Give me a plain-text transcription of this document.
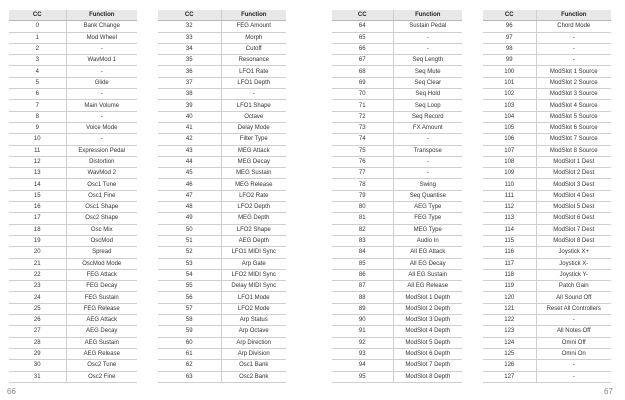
CC	Function
0	Bank Change
1	Mod Wheel
2	-
3	WavMod 1
4	-
5	Glide
6	-
7	Main Volume
8	-
9	Voice Mode
10	-
11	Expression Pedal
12	Distortion
13	WavMod 2
14	Osc1 Tune
15	Osc1 Fine
16	Osc1 Shape
17	Osc2 Shape
18	Osc Mix
19	OscMod
20	Spread
21	OscMod Mode
22	FEG Attack
23	FEG Decay
24	FEG Sustain
25	FEG Release
26	AEG Attack
27	AEG Decay
28	AEG Sustain
29	AEG Release
30	Osc2 Tune
31	Osc2 Fine
CC	Function
32	FEG Amount
33	Morph
34	Cutoff
35	Resonance
36	LFO1 Rate
37	LFO1 Depth
38	-
39	LFO1 Shape
40	Octave
41	Delay Mode
42	Filter Type
43	MEG Attack
44	MEG Decay
45	MEG Sustain
46	MEG Release
47	LFO2 Rate
48	LFO2 Depth
49	MEG Depth
50	LFO2 Shape
51	AEG Depth
52	LFO1 MIDI Sync
53	Arp Gate
54	LFO2 MIDI Sync
55	Delay MIDI Sync
56	LFO1 Mode
57	LFO2 Mode
58	Arp Status
59	Arp Octave
60	Arp Direction
61	Arp Division
62	Osc1 Bank
63	Osc2 Bank
CC	Function
64	Sustain Pedal
65	-
66	-
67	Seq Length
68	Seq Mute
69	Seq Clear
70	Seq Hold
71	Seq Loop
72	Seq Record
73	FX Amount
74	-
75	Transpose
76	-
77	-
78	Swing
79	Seq Quantise
80	AEG Type
81	FEG Type
82	MEG Type
83	Audio In
84	All EG Attack
85	All EG Decay
86	All EG Sustain
87	All EG Release
88	ModSlot 1 Depth
89	ModSlot 2 Depth
90	ModSlot 3 Depth
91	ModSlot 4 Depth
92	ModSlot 5 Depth
93	ModSlot 6 Depth
94	ModSlot 7 Depth
95	ModSlot 8 Depth
CC	Function
96	Chord Mode
97	-
98	-
99	-
100	ModSlot 1 Source
101	ModSlot 2 Source
102	ModSlot 3 Source
103	ModSlot 4 Source
104	ModSlot 5 Source
105	ModSlot 6 Source
106	ModSlot 7 Source
107	ModSlot 8 Source
108	ModSlot 1 Dest
109	ModSlot 2 Dest
110	ModSlot 3 Dest
111	ModSlot 4 Dest
112	ModSlot 5 Dest
113	ModSlot 6 Dest
114	ModSlot 7 Dest
115	ModSlot 8 Dest
116	Joystick X+
117	Joystick X-
118	Joystick Y-
119	Patch Gain
120	All Sound Off
121	Reset All Controllers
122	-
123	All Notes Off
124	Omni Off
125	Omni On
126	-
127	-
66	67
